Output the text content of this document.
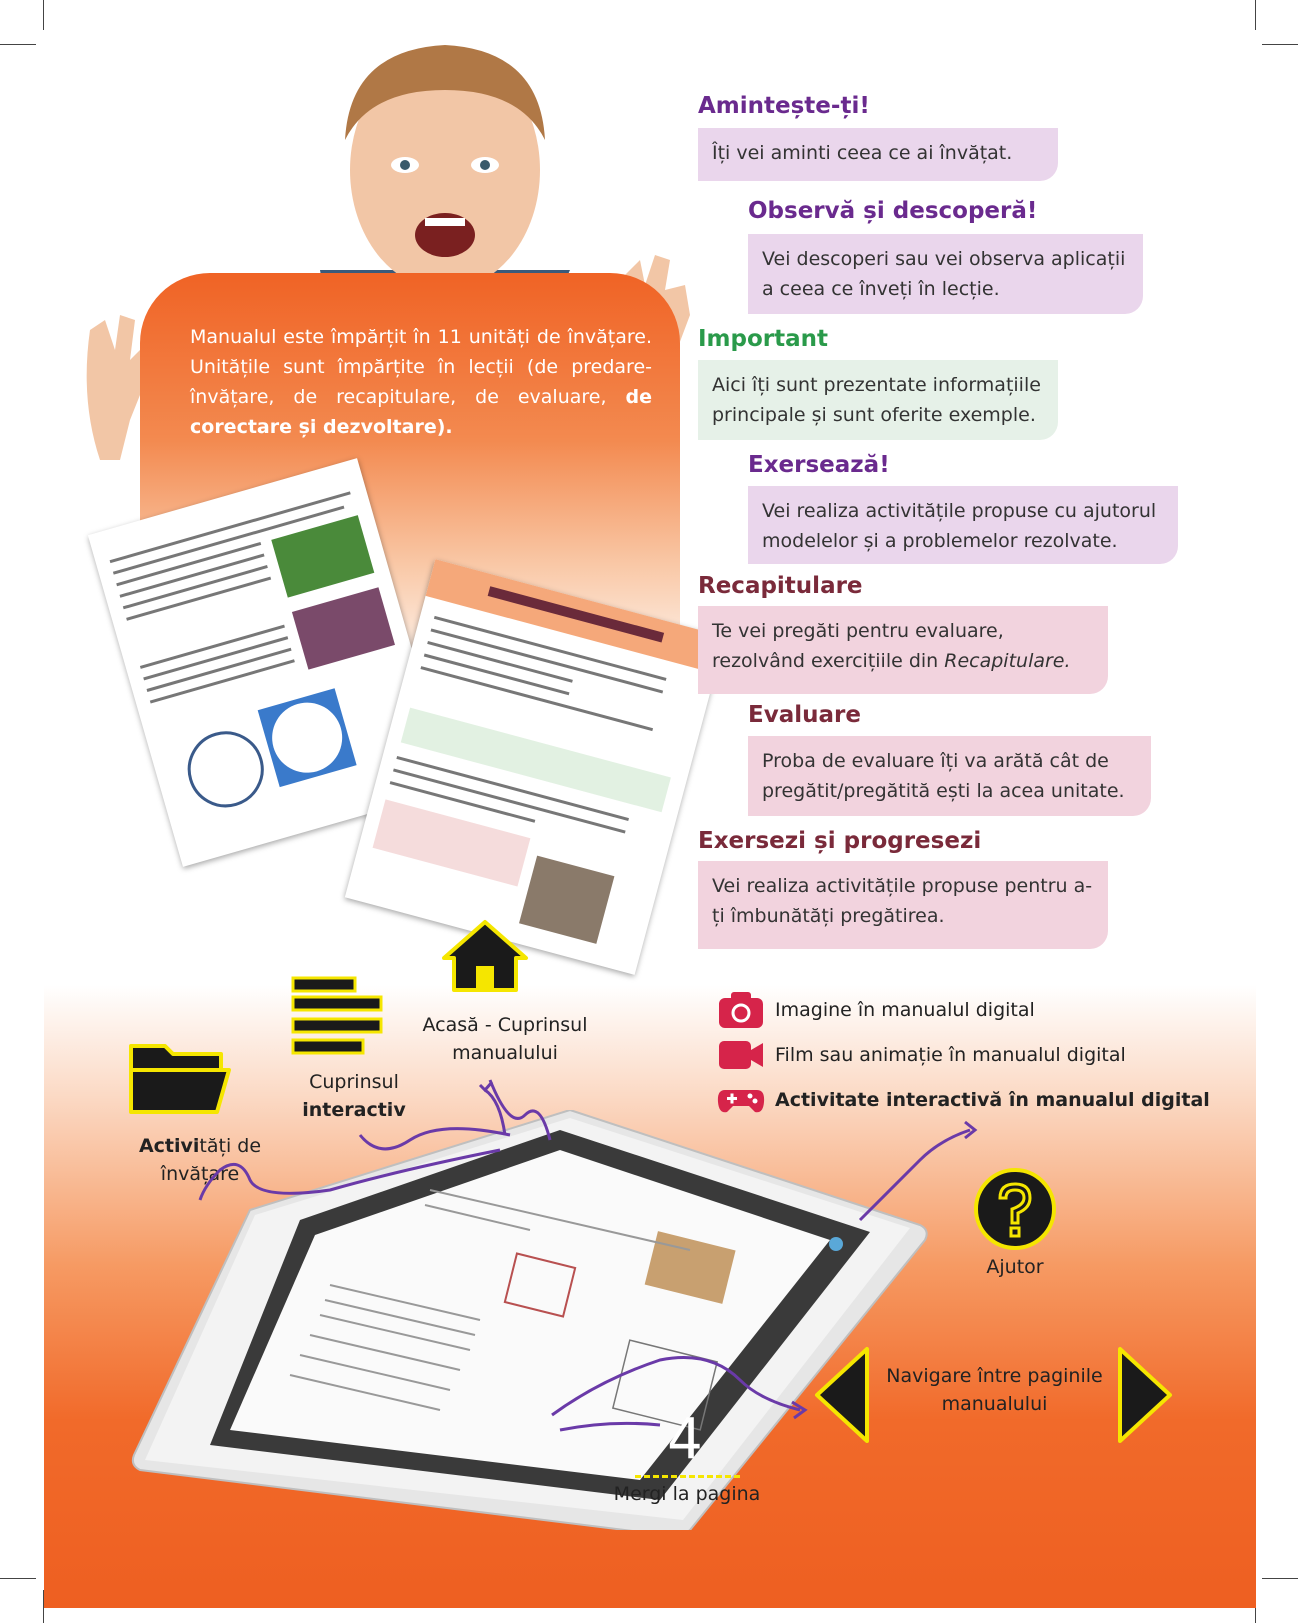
Manualul este împărțit în 11 unități de învățare. Unitățile sunt împărțite în lecții (de predare-învățare, de recapitulare, de evaluare, de corectare și dezvoltare).
Amintește-ți!
Îți vei aminti ceea ce ai învățat.
Observă și descoperă!
Vei descoperi sau vei observa aplicații a ceea ce înveți în lecție.
Important
Aici îți sunt prezentate informațiile principale și sunt oferite exemple.
Exersează!
Vei realiza activitățile propuse cu ajutorul modelelor și a problemelor rezolvate.
Recapitulare
Te vei pregăti pentru evaluare, rezolvând exercițiile din Recapitulare.
Evaluare
Proba de evaluare îți va arătă cât de pregătit/pregătită ești la acea unitate.
Exersezi și progresezi
Vei realiza activitățile propuse pentru a-ți îmbunătăți pregătirea.
Activități de învățare
Cuprinsul
interactiv
Acasă - Cuprinsul
manualului
Imagine în manualul digital
Film sau animație în manualul digital
Activitate interactivă în manualul digital
Ajutor
Navigare între paginile
manualului
4
Mergi la pagina
